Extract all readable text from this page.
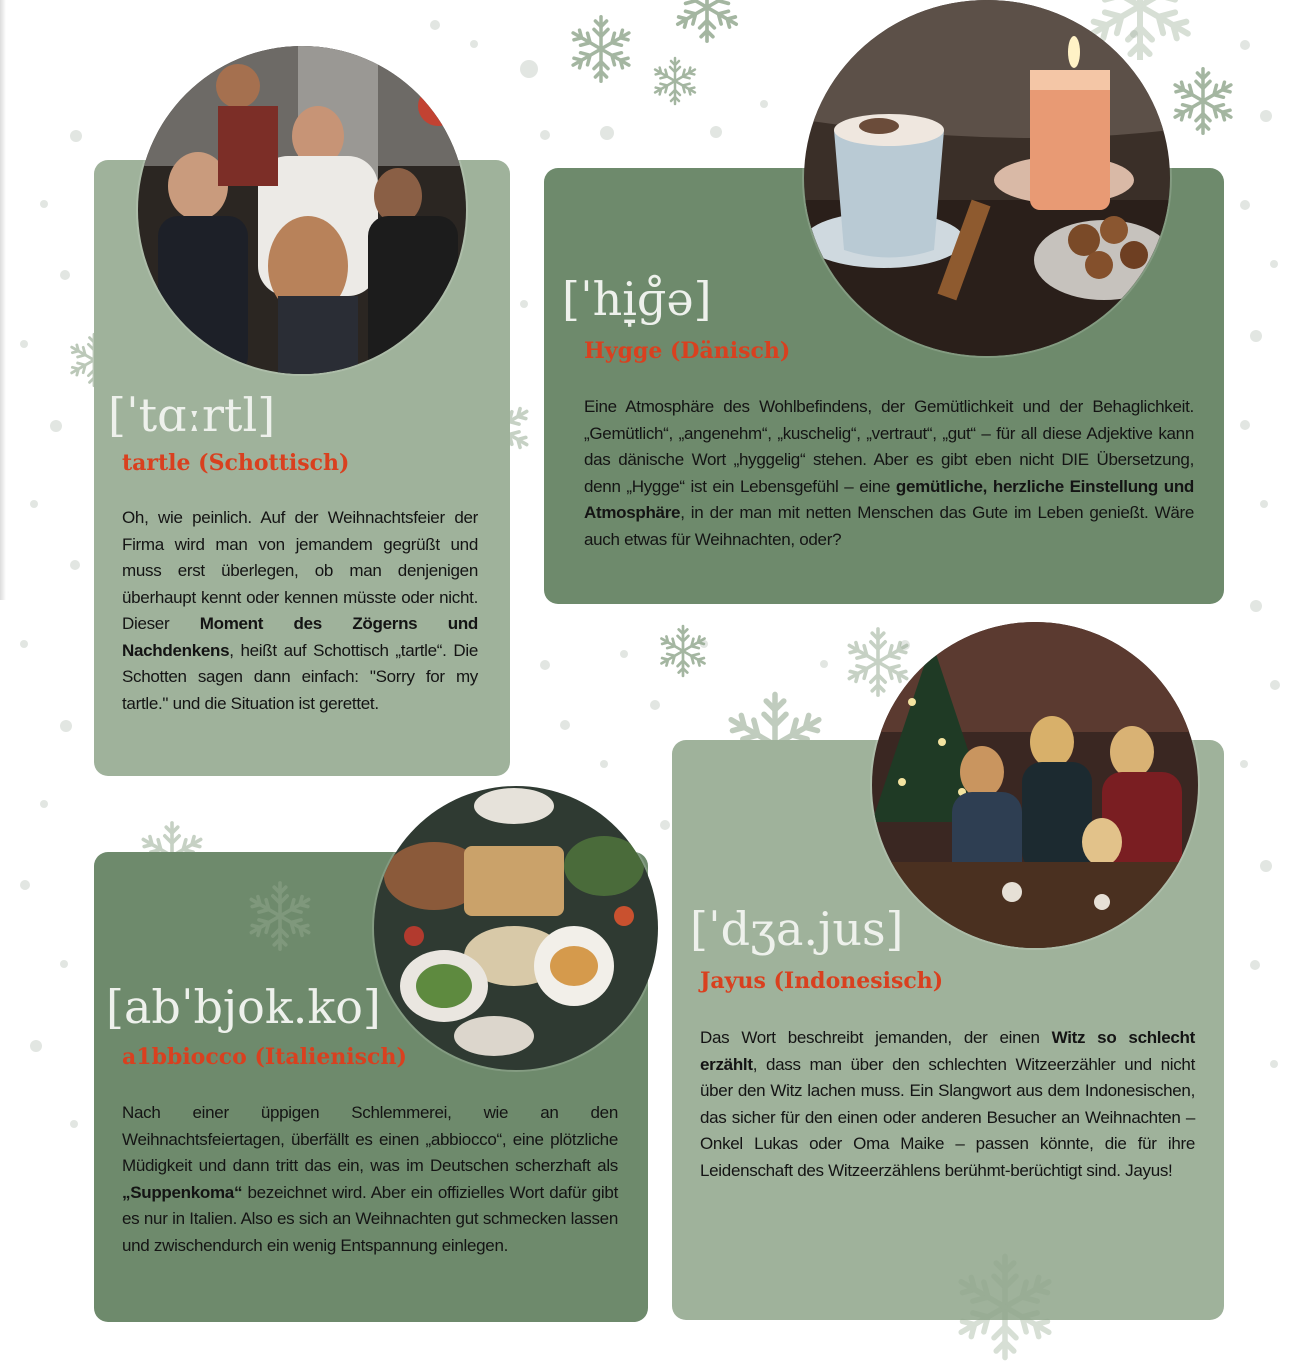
[ˈtɑːrtl]
tartle (Schottisch)
Oh, wie peinlich. Auf der Weihnachtsfeier der Firma wird man von jemandem gegrüßt und muss erst überlegen, ob man denjenigen überhaupt kennt oder kennen müsste oder nicht. Dieser Moment des Zögerns und Nachdenkens, heißt auf Schottisch „tartle“. Die Schotten sagen dann einfach: "Sorry for my tartle." und die Situation ist gerettet.
[ˈhi̞ɡ̊ə]
Hygge (Dänisch)
Eine Atmosphäre des Wohlbefindens, der Gemütlichkeit und der Behaglichkeit. „Gemütlich“, „angenehm“, „kuschelig“, „vertraut“, „gut“ – für all diese Adjektive kann das dänische Wort „hyggelig“ stehen. Aber es gibt eben nicht DIE Übersetzung, denn „Hygge“ ist ein Lebensgefühl – eine gemütliche, herzliche Einstellung und Atmosphäre, in der man mit netten Menschen das Gute im Leben genießt. Wäre auch etwas für Weihnachten, oder?
[abˈbjok.ko]
a1bbiocco (Italienisch)
Nach einer üppigen Schlemmerei, wie an den Weihnachtsfeiertagen, überfällt es einen „abbiocco“, eine plötzliche Müdigkeit und dann tritt das ein, was im Deutschen scherzhaft als „Suppenkoma“ bezeichnet wird. Aber ein offizielles Wort dafür gibt es nur in Italien. Also es sich an Weihnachten gut schmecken lassen und zwischendurch ein wenig Entspannung einlegen.
[ˈdʒa.jus]
Jayus (Indonesisch)
Das Wort beschreibt jemanden, der einen Witz so schlecht erzählt, dass man über den schlechten Witzeerzähler und nicht über den Witz lachen muss. Ein Slangwort aus dem Indonesischen, das sicher für den einen oder anderen Besucher an Weihnachten – Onkel Lukas oder Oma Maike – passen könnte, die für ihre Leidenschaft des Witzeerzählens berühmt-berüchtigt sind. Jayus!
